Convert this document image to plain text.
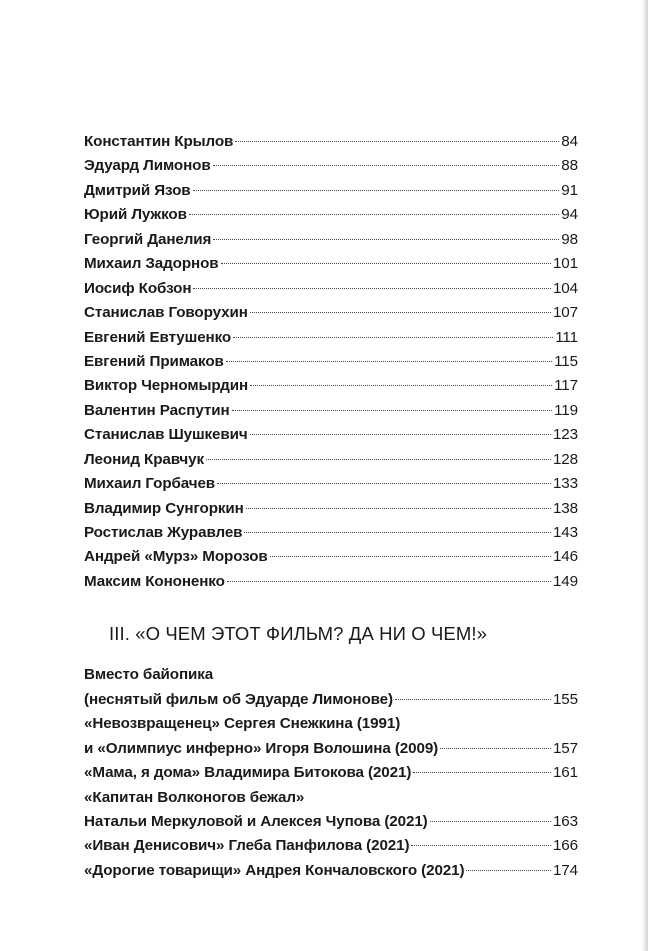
Константин Крылов	84
Эдуард Лимонов	88
Дмитрий Язов	91
Юрий Лужков	94
Георгий Данелия	98
Михаил Задорнов	101
Иосиф Кобзон	104
Станислав Говорухин	107
Евгений Евтушенко	111
Евгений Примаков	115
Виктор Черномырдин	117
Валентин Распутин	119
Станислав Шушкевич	123
Леонид Кравчук	128
Михаил Горбачев	133
Владимир Сунгоркин	138
Ростислав Журавлев	143
Андрей «Мурз» Морозов	146
Максим Кононенко	149
III. «О ЧЕМ ЭТОТ ФИЛЬМ? ДА НИ О ЧЕМ!»
Вместо байопика
(неснятый фильм об Эдуарде Лимонове)	155
«Невозвращенец» Сергея Снежкина (1991)
и «Олимпиус инферно» Игоря Волошина (2009)	157
«Мама, я дома» Владимира Битокова (2021)	161
«Капитан Волконогов бежал»
Натальи Меркуловой и Алексея Чупова (2021)	163
«Иван Денисович» Глеба Панфилова (2021)	166
«Дорогие товарищи» Андрея Кончаловского (2021)	174
